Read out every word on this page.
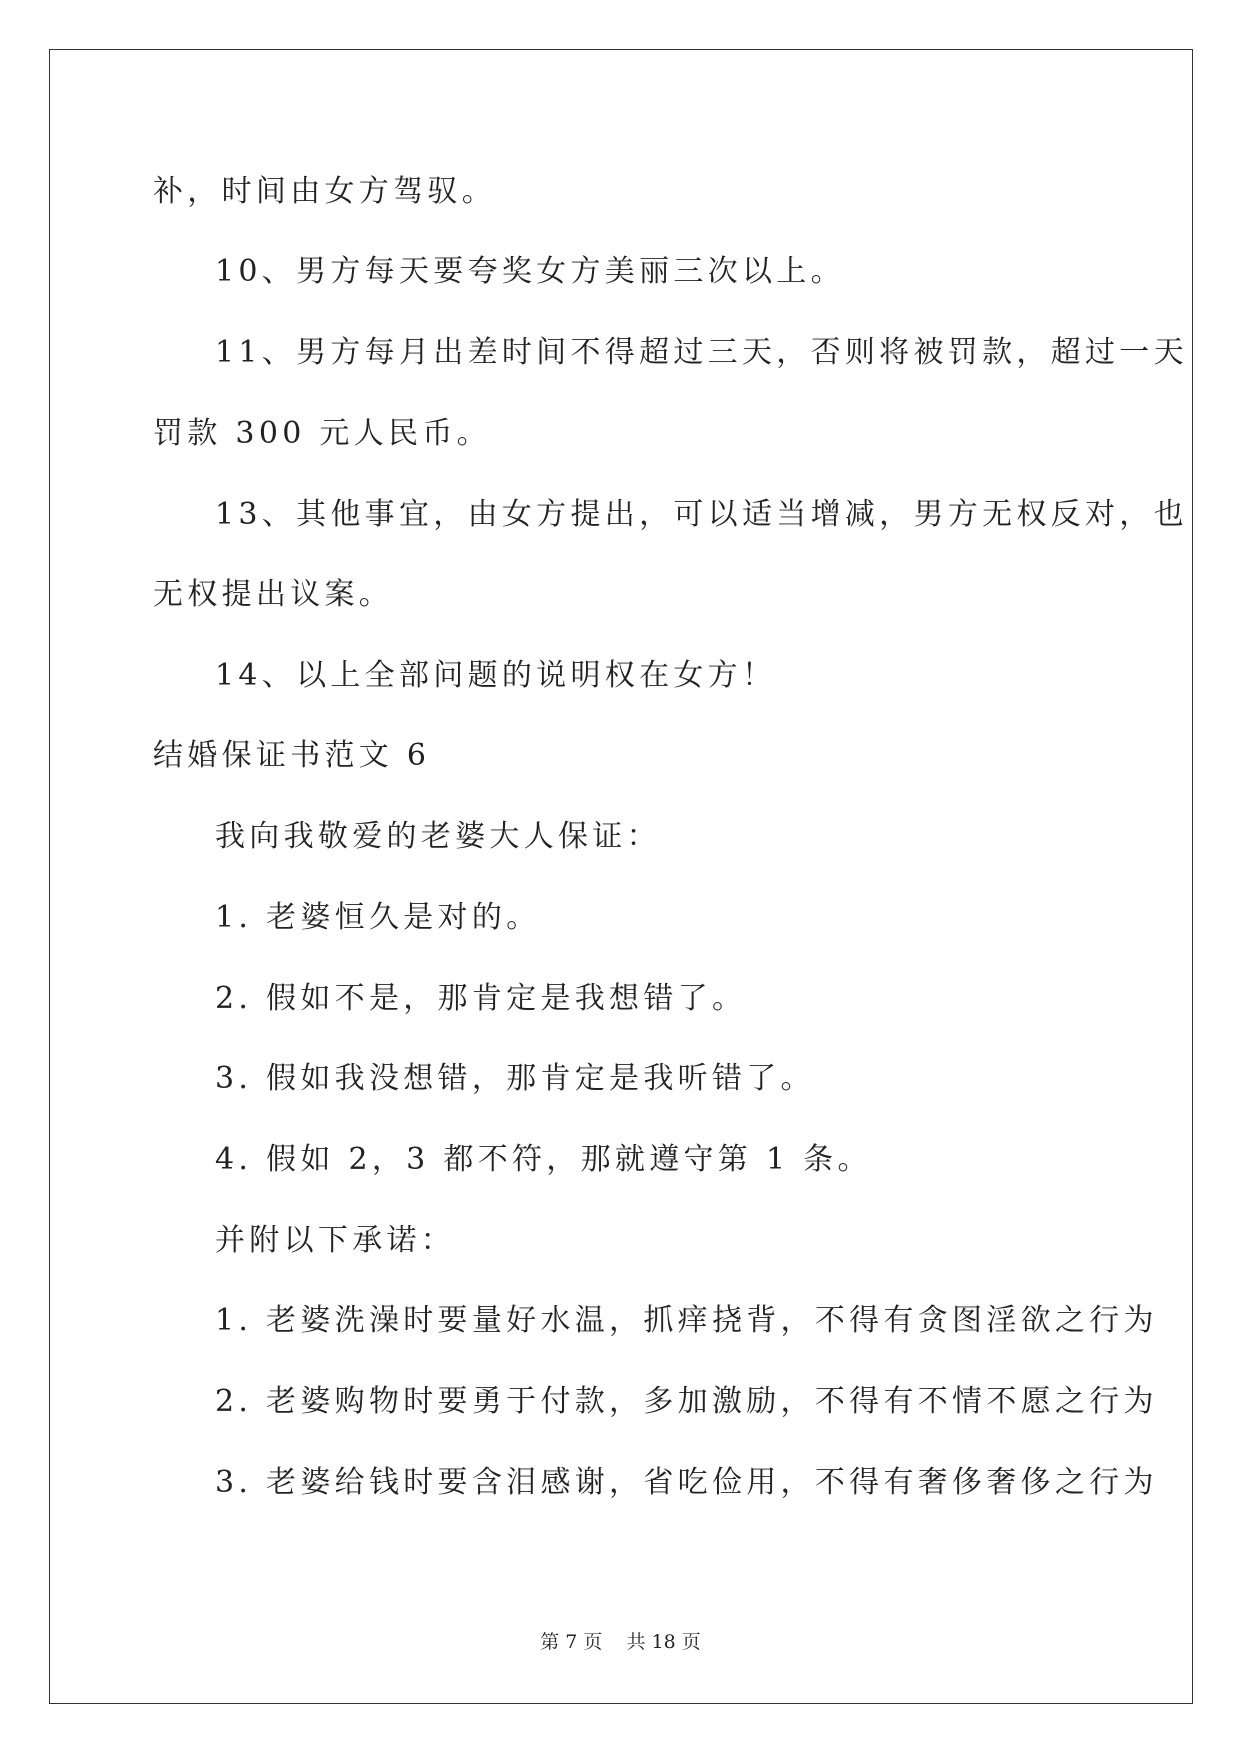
补，时间由女方驾驭。
10、男方每天要夸奖女方美丽三次以上。
11、男方每月出差时间不得超过三天，否则将被罚款，超过一天
罚款 300 元人民币。
13、其他事宜，由女方提出，可以适当增减，男方无权反对，也
无权提出议案。
14、以上全部问题的说明权在女方！
结婚保证书范文 6
我向我敬爱的老婆大人保证：
1. 老婆恒久是对的。
2. 假如不是，那肯定是我想错了。
3. 假如我没想错，那肯定是我听错了。
4. 假如 2，3 都不符，那就遵守第 1 条。
并附以下承诺：
1. 老婆洗澡时要量好水温，抓痒挠背，不得有贪图淫欲之行为
2. 老婆购物时要勇于付款，多加激励，不得有不情不愿之行为
3. 老婆给钱时要含泪感谢，省吃俭用，不得有奢侈奢侈之行为
第 7 页 共 18 页
